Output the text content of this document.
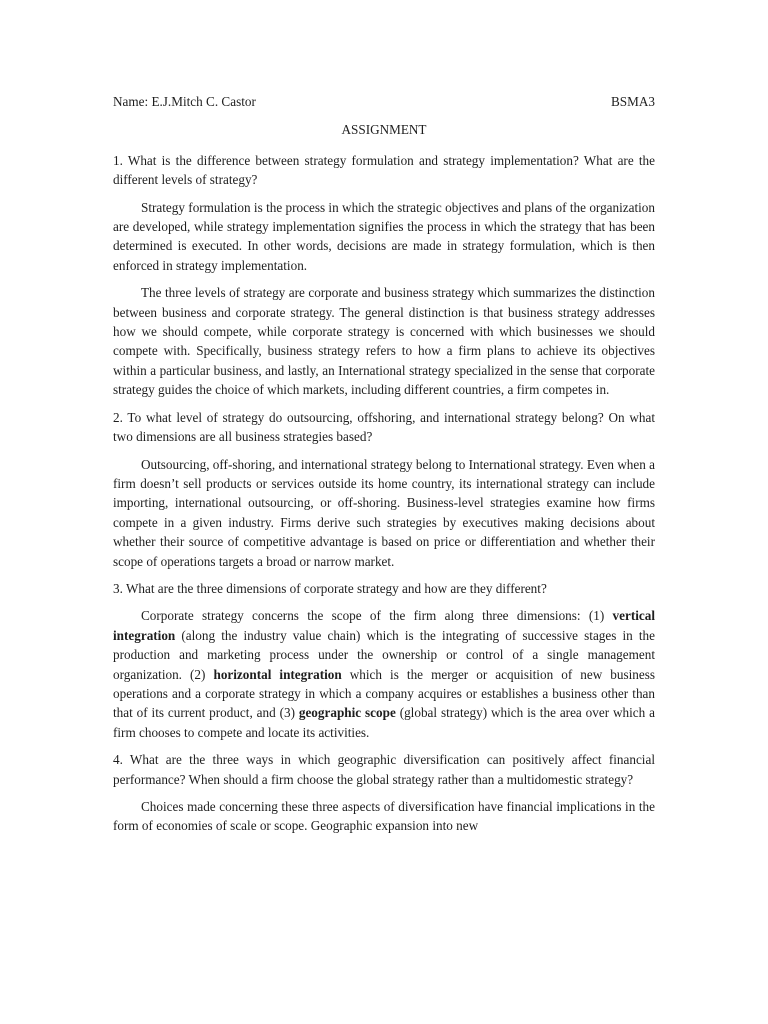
Name: E.J.Mitch C. Castor	BSMA3
ASSIGNMENT

1. What is the difference between strategy formulation and strategy implementation? What are the different levels of strategy?

Strategy formulation is the process in which the strategic objectives and plans of the organization are developed, while strategy implementation signifies the process in which the strategy that has been determined is executed. In other words, decisions are made in strategy formulation, which is then enforced in strategy implementation.

The three levels of strategy are corporate and business strategy which summarizes the distinction between business and corporate strategy. The general distinction is that business strategy addresses how we should compete, while corporate strategy is concerned with which businesses we should compete with. Specifically, business strategy refers to how a firm plans to achieve its objectives within a particular business, and lastly, an International strategy specialized in the sense that corporate strategy guides the choice of which markets, including different countries, a firm competes in.

2. To what level of strategy do outsourcing, offshoring, and international strategy belong? On what two dimensions are all business strategies based?

Outsourcing, off-shoring, and international strategy belong to International strategy. Even when a firm doesn’t sell products or services outside its home country, its international strategy can include importing, international outsourcing, or off-shoring. Business-level strategies examine how firms compete in a given industry. Firms derive such strategies by executives making decisions about whether their source of competitive advantage is based on price or differentiation and whether their scope of operations targets a broad or narrow market.

3. What are the three dimensions of corporate strategy and how are they different?

Corporate strategy concerns the scope of the firm along three dimensions: (1) vertical integration (along the industry value chain) which is the integrating of successive stages in the production and marketing process under the ownership or control of a single management organization. (2) horizontal integration which is the merger or acquisition of new business operations and a corporate strategy in which a company acquires or establishes a business other than that of its current product, and (3) geographic scope (global strategy) which is the area over which a firm chooses to compete and locate its activities.

4. What are the three ways in which geographic diversification can positively affect financial performance? When should a firm choose the global strategy rather than a multidomestic strategy?

Choices made concerning these three aspects of diversification have financial implications in the form of economies of scale or scope. Geographic expansion into new
